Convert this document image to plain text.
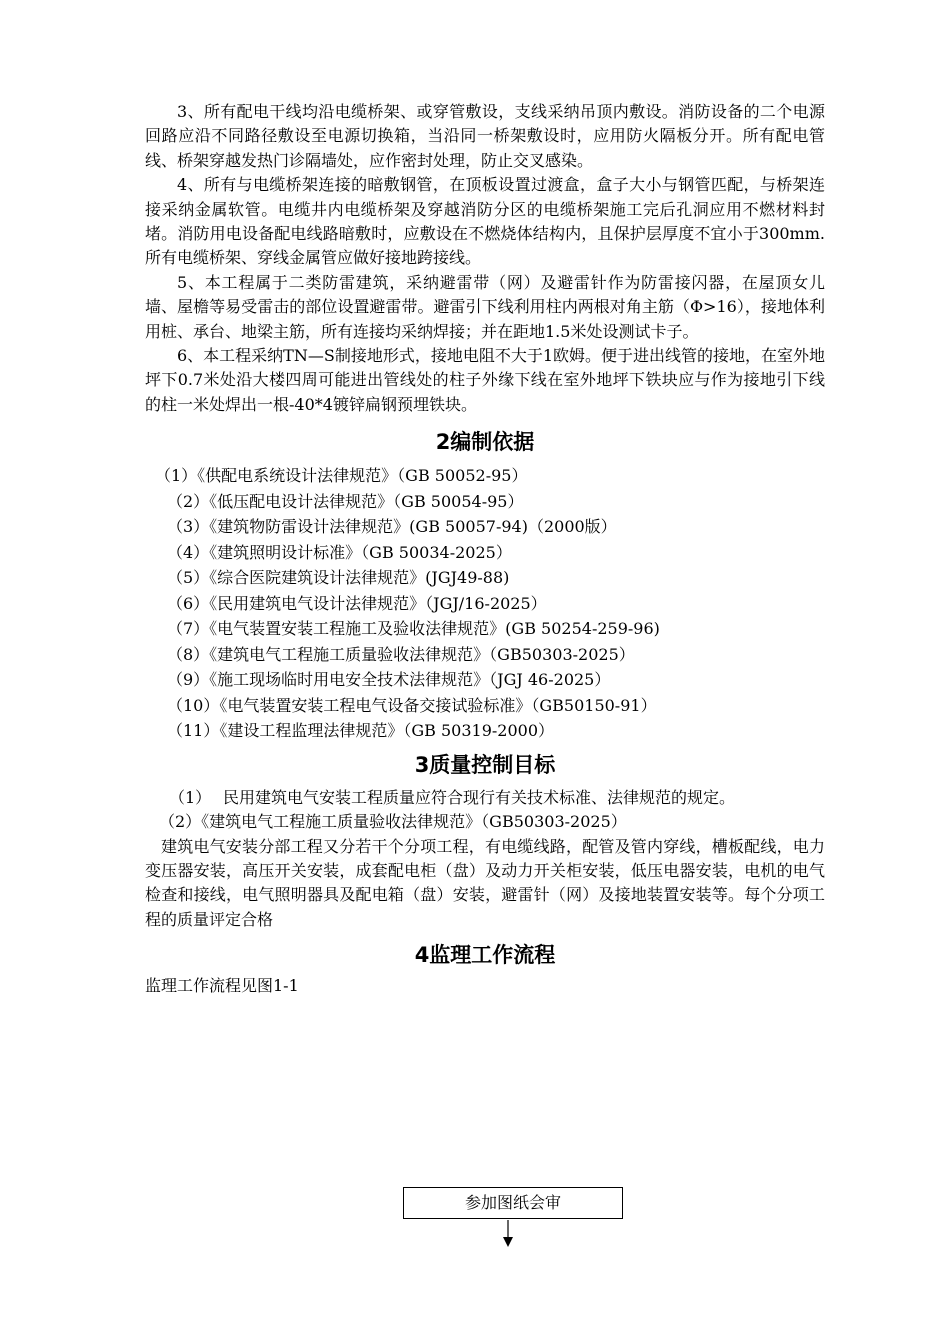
3、所有配电干线均沿电缆桥架、或穿管敷设，支线采纳吊顶内敷设。消防设备的二个电源回路应沿不同路径敷设至电源切换箱，当沿同一桥架敷设时，应用防火隔板分开。所有配电管线、桥架穿越发热门诊隔墙处，应作密封处理，防止交叉感染。

4、所有与电缆桥架连接的暗敷钢管，在顶板设置过渡盒，盒子大小与钢管匹配，与桥架连接采纳金属软管。电缆井内电缆桥架及穿越消防分区的电缆桥架施工完后孔洞应用不燃材料封堵。消防用电设备配电线路暗敷时，应敷设在不燃烧体结构内，且保护层厚度不宜小于300mm. 所有电缆桥架、穿线金属管应做好接地跨接线。

5、本工程属于二类防雷建筑，采纳避雷带（网）及避雷针作为防雷接闪器，在屋顶女儿墙、屋檐等易受雷击的部位设置避雷带。避雷引下线利用柱内两根对角主筋（Φ>16），接地体利用桩、承台、地梁主筋，所有连接均采纳焊接；并在距地1.5米处设测试卡子。

6、本工程采纳TN—S制接地形式，接地电阻不大于1欧姆。便于进出线管的接地，在室外地坪下0.7米处沿大楼四周可能进出管线处的柱子外缘下线在室外地坪下铁块应与作为接地引下线的柱一米处焊出一根-40*4镀锌扁钢预埋铁块。

2编制依据
（1）《供配电系统设计法律规范》（GB 50052-95）
（2）《低压配电设计法律规范》（GB 50054-95）
（3）《建筑物防雷设计法律规范》(GB 50057-94)（2000版）
（4）《建筑照明设计标准》（GB 50034-2025）
（5）《综合医院建筑设计法律规范》(JGJ49-88)
（6）《民用建筑电气设计法律规范》（JGJ/16-2025）
（7）《电气装置安装工程施工及验收法律规范》(GB 50254-259-96)
（8）《建筑电气工程施工质量验收法律规范》（GB50303-2025）
（9）《施工现场临时用电安全技术法律规范》（JGJ 46-2025）
（10）《电气装置安装工程电气设备交接试验标准》（GB50150-91）
（11）《建设工程监理法律规范》（GB 50319-2000）
3质量控制目标
（1） 民用建筑电气安装工程质量应符合现行有关技术标准、法律规范的规定。
（2）《建筑电气工程施工质量验收法律规范》（GB50303-2025）

建筑电气安装分部工程又分若干个分项工程，有电缆线路，配管及管内穿线，槽板配线，电力变压器安装，高压开关安装，成套配电柜（盘）及动力开关柜安装，低压电器安装，电机的电气检查和接线，电气照明器具及配电箱（盘）安装，避雷针（网）及接地装置安装等。每个分项工程的质量评定合格

4监理工作流程

监理工作流程见图1-1

参加图纸会审
